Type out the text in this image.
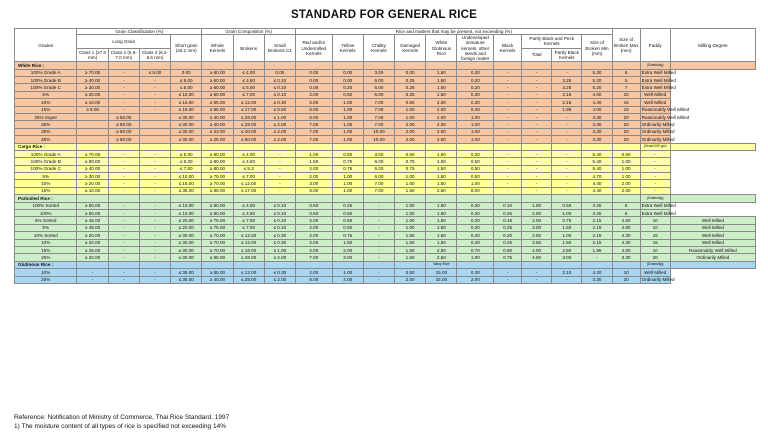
STANDARD FOR GENERAL RICE
Grades	Grain Classification (%)				Grain Composition (%)			Rice and matters that may be present, not exceeding (%)										Size of Broken Max (mm)	Paddy	Milling Degree
	Long Grain			Short grain (≤6.2 mm)	Whole Kernels	Brokens	Small Brokens C1	Red and/or Undermilled Kernels	Yellow Kernels	Chalky Kernels	Damaged Kernels	White Glutinous Rice	Undeveloped immature kernels, other seeds and foreign matter	Black Kernels	Partly Black and Peck Kernels		Size of Broken Min (mm)			
	Class 1 (≥7.0 mm)	Class 2 (6.6-7.0 mm)	Class 3 (6.2-6.6 mm)												Total	Partly Black Kernels				
White Rice :																			(Grains/kg)	
100% Grade A	≥ 70.00	-	≤ 5.00	0.00	≥ 60.00	≤ 4.00	0.00	0.00	0.00	3.00	0.00	1.50	0.20	-	-	-	5.30	5	Extra Well Milled	
100% Grade B	≥ 40.00	-	-	≤ 5.00	≥ 60.00	≤ 4.50	≤ 0.10	0.00	0.00	6.00	0.25	1.50	0.20	-	-	3.25	5.20	5	Extra Well Milled	
100% Grade C	≥ 30.00	-	-	≤ 5.00	≥ 60.00	≤ 5.00	≤ 0.10	0.00	0.20	6.00	0.25	1.50	0.20	-	-	3.25	5.20	7	Extra Well Milled	
5%	≥ 20.00	-	-	≤ 10.00	≥ 60.00	≤ 7.00	≤ 0.10	2.00	0.50	6.00	0.25	1.50	0.30	-	-	2.15	4.60	10	Well Milled	
10%	≥ 10.00	-	-	≤ 15.00	≥ 55.00	≤ 12.00	≤ 0.30	2.00	1.00	7.00	0.50	2.00	0.30	-	-	2.15	4.30	15	Well Milled	
15%	≥ 5.00	-	-	≤ 15.00	≥ 55.00	≤ 17.00	≤ 0.50	5.00	1.00	7.00	1.00	2.00	0.40	-	-	1.96	4.00	15	Reasonably Well Milled	
25% Super		≥ 50.00		≤ 30.00	≥ 40.00	≤ 28.00	≤ 1.00	5.00	1.00	7.00	1.00	2.00	1.00	-	-	-	3.30	20	Reasonably Well Milled	
25%		≥ 50.00		≤ 30.00	≥ 40.00	≤ 28.00	≤ 2.00	7.00	1.00	7.00	2.00	2.00	1.00	-	-	-	3.30	20	Ordinarily Milled	
35%		≥ 50.00		≤ 30.00	≥ 33.00	≤ 40.00	≤ 2.00	7.00	1.00	10.00	2.00	2.00	1.00	-	-	-	3.30	20	Ordinarily Milled	
45%		≥ 50.00		≤ 30.00	≥ 26.00	≤ 50.00	≤ 2.00	7.00	1.00	10.00	2.00	2.00	1.00	-	-	-	3.30	20	Ordinarily Milled	
Cargo Rice :																			(Grain/100 gm)	
100% Grade A	≥ 70.00	-	-	≤ 5.00	≥ 80.00	≤ 4.00	-	1.00	0.50	3.00	0.50	1.50	0.20	-	-	-	5.40	0.50	-	
100% Grade B	≥ 60.00	-	-	≤ 5.00	≥ 80.00	≤ 4.50	-	1.50	0.75	6.00	0.75	1.50	0.50	-	-	-	5.40	1.00	-	
100% Grade C	≥ 40.00	-	-	≤ 7.00	≥ 80.00	≤ 5.3	-	2.00	0.75	6.00	0.75	1.50	0.50	-	-	-	5.40	1.00	-	
5%	≥ 30.00	-	-	≤ 10.00	≥ 75.00	≤ 7.00	-	2.00	1.00	6.00	1.00	1.50	0.50	-	-	-	4.70	1.00	-	
10%	≥ 20.00	-	-	≤ 15.00	≥ 70.00	≤ 12.00	-	3.00	1.00	7.00	1.50	1.50	1.00	-	-	-	4.40	2.00	-	
15%	≥ 10.00	-	-	≤ 35.00	≥ 65.00	≤ 17.00	-	5.00	1.00	7.00	1.50	2.50	8.00	-	-	-	4.40	2.00	-	
Parboiled Rice :																			(Grains/kg)	
100% Sorted	≥ 60.00	-	-	≤ 10.00	≥ 80.00	≤ 4.00	≤ 0.10	0.50	0.25	-	1.00	1.50	0.20	0.10	1.50	0.50	3.25	5	Extra Well Milled	
100%	≥ 60.00	-	-	≤ 10.00	≥ 80.00	≤ 4.50	≤ 0.10	0.50	0.50	-	1.00	1.50	0.20	0.25	2.50	1.00	3.25	5	Extra Well Milled	
5% Sorted	≥ 45.00	-	-	≤ 20.00	≥ 75.00	≤ 7.00	≤ 0.10	2.00	0.50	-	1.00	1.50	0.20	0.15	2.00	0.75	2.15	4.60	10	Well Milled
5%	≥ 45.00	-	-	≤ 20.00	≥ 75.00	≤ 7.00	≤ 0.10	2.00	0.50	-	1.00	1.50	0.20	0.25	3.00	1.50	2.15	4.60	10	Well Milled
10% Sorted	≥ 20.00	-	-	≤ 30.00	≥ 70.00	≤ 12.00	≤ 0.30	2.00	0.75	-	1.50	1.50	0.40	0.20	2.50	1.00	2.15	4.30	15	Well Milled
10%	≥ 20.00	-	-	≤ 30.00	≥ 70.00	≤ 12.00	≤ 0.30	2.00	1.50	-	1.50	1.50	0.40	0.25	3.50	1.50	2.15	4.30	15	Well Milled
15%	≥ 25.00	-	-	≤ 30.00	≥ 70.00	≤ 18.00	≤ 1.00	2.00	2.00	-	1.50	2.50	0.70	0.50	4.00	2.50	1.96	4.00	10	Reasonably Well Milled
25%	≥ 20.00	-	-	≤ 30.00	≥ 65.00	≤ 28.00	≤ 2.00	7.00	3.00	-	1.50	2.50	1.00	0.75	4.50	3.00	-	3.30	20	Ordinarily Milled
Glutinous Rice :												Waxy Rice							(Grains/kg)	
10%	-	-	-	≤ 35.00	≥ 55.00	≤ 12.00	≤ 0.30	2.00	1.00	-	0.50	15.00	0.30	-	-	2.10	4.20	10	Well Milled	
25%	-	-	-	≤ 35.00	≥ 40.00	≤ 28.00	≤ 2.00	6.00	4.00	-	2.00	15.00	2.00	-	-	-	3.30	20	Ordinarily Milled	
Reference: Notification of Ministry of Commerce, Thai Rice Standard, 1997
1) The moisture content of all types of rice is specified not exceeding 14%
